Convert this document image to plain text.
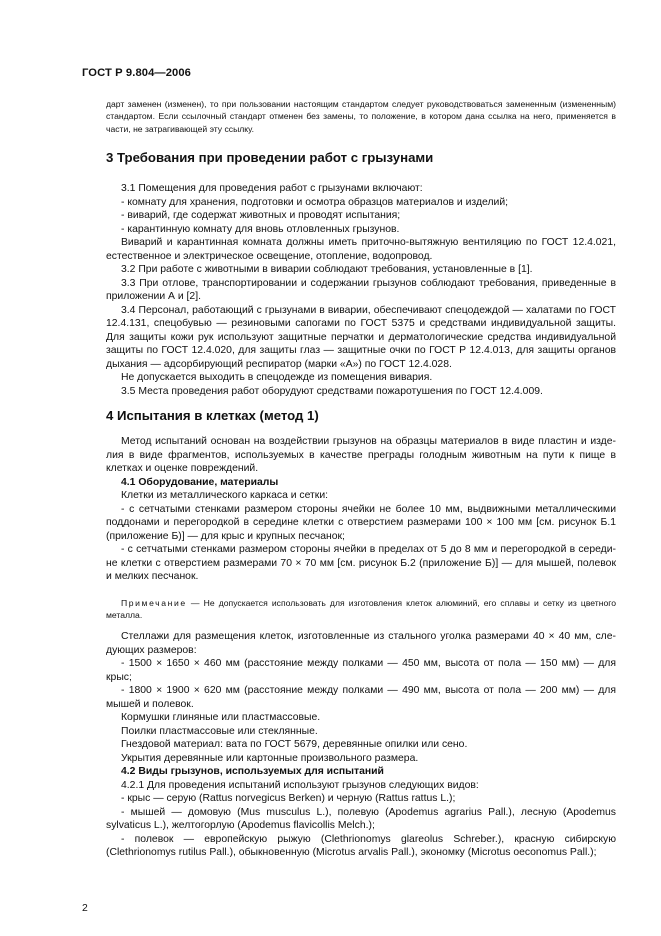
ГОСТ Р 9.804—2006
дарт заменен (изменен), то при пользовании настоящим стандартом следует руководствоваться замененным (измененным) стандартом. Если ссылочный стандарт отменен без замены, то положение, в котором дана ссылка на него, применяется в части, не затрагивающей эту ссылку.
3 Требования при проведении работ с грызунами

3.1 Помещения для проведения работ с грызунами включают:

- комнату для хранения, подготовки и осмотра образцов материалов и изделий;

- виварий, где содержат животных и проводят испытания;

- карантинную комнату для вновь отловленных грызунов.

Виварий и карантинная комната должны иметь приточно-вытяжную вентиляцию по ГОСТ 12.4.021, естественное и электрическое освещение, отопление, водопровод.

3.2 При работе с животными в виварии соблюдают требования, установленные в [1].

3.3 При отлове, транспортировании и содержании грызунов соблюдают требования, приведенные в приложении А и [2].

3.4 Персонал, работающий с грызунами в виварии, обеспечивают спецодеждой — халатами по ГОСТ 12.4.131, спецобувью — резиновыми сапогами по ГОСТ 5375 и средствами индивидуальной защиты. Для защиты кожи рук используют защитные перчатки и дерматологические средства индивидуальной защиты по ГОСТ 12.4.020, для защиты глаз — защитные очки по ГОСТ Р 12.4.013, для защиты органов дыхания — адсорбирующий респиратор (марки «А») по ГОСТ 12.4.028.

Не допускается выходить в спецодежде из помещения вивария.

3.5 Места проведения работ оборудуют средствами пожаротушения по ГОСТ 12.4.009.

4 Испытания в клетках (метод 1)

Метод испытаний основан на воздействии грызунов на образцы материалов в виде пластин и изделия в виде фрагментов, используемых в качестве преграды голодным животным на пути к пище в клетках и оценке повреждений.

4.1 Оборудование, материалы

Клетки из металлического каркаса и сетки:

- с сетчатыми стенками размером стороны ячейки не более 10 мм, выдвижными металлическими поддонами и перегородкой в середине клетки с отверстием размерами 100 × 100 мм [см. рисунок Б.1 (приложение Б)] — для крыс и крупных песчанок;

- с сетчатыми стенками размером стороны ячейки в пределах от 5 до 8 мм и перегородкой в середине клетки с отверстием размерами 70 × 70 мм [см. рисунок Б.2 (приложение Б)] — для мышей, полевок и мелких песчанок.

Примечание — Не допускается использовать для изготовления клеток алюминий, его сплавы и сетку из цветного металла.

Стеллажи для размещения клеток, изготовленные из стального уголка размерами 40 × 40 мм, следующих размеров:

- 1500 × 1650 × 460 мм (расстояние между полками — 450 мм, высота от пола — 150 мм) — для крыс;

- 1800 × 1900 × 620 мм (расстояние между полками — 490 мм, высота от пола — 200 мм) — для мышей и полевок.

Кормушки глиняные или пластмассовые.

Поилки пластмассовые или стеклянные.

Гнездовой материал: вата по ГОСТ 5679, деревянные опилки или сено.

Укрытия деревянные или картонные произвольного размера.

4.2 Виды грызунов, используемых для испытаний

4.2.1 Для проведения испытаний используют грызунов следующих видов:

- крыс — серую (Rattus norvegicus Berken) и черную (Rattus rattus L.);

- мышей — домовую (Mus musculus L.), полевую (Apodemus agrarius Pall.), лесную (Apodemus sylvaticus L.), желтогорлую (Apodemus flavicollis Melch.);

- полевок — европейскую рыжую (Clethrionomys glareolus Schreber.), красную сибирскую (Clethrionomys rutilus Pall.), обыкновенную (Microtus arvalis Pall.), экономку (Microtus oeconomus Pall.);

2
